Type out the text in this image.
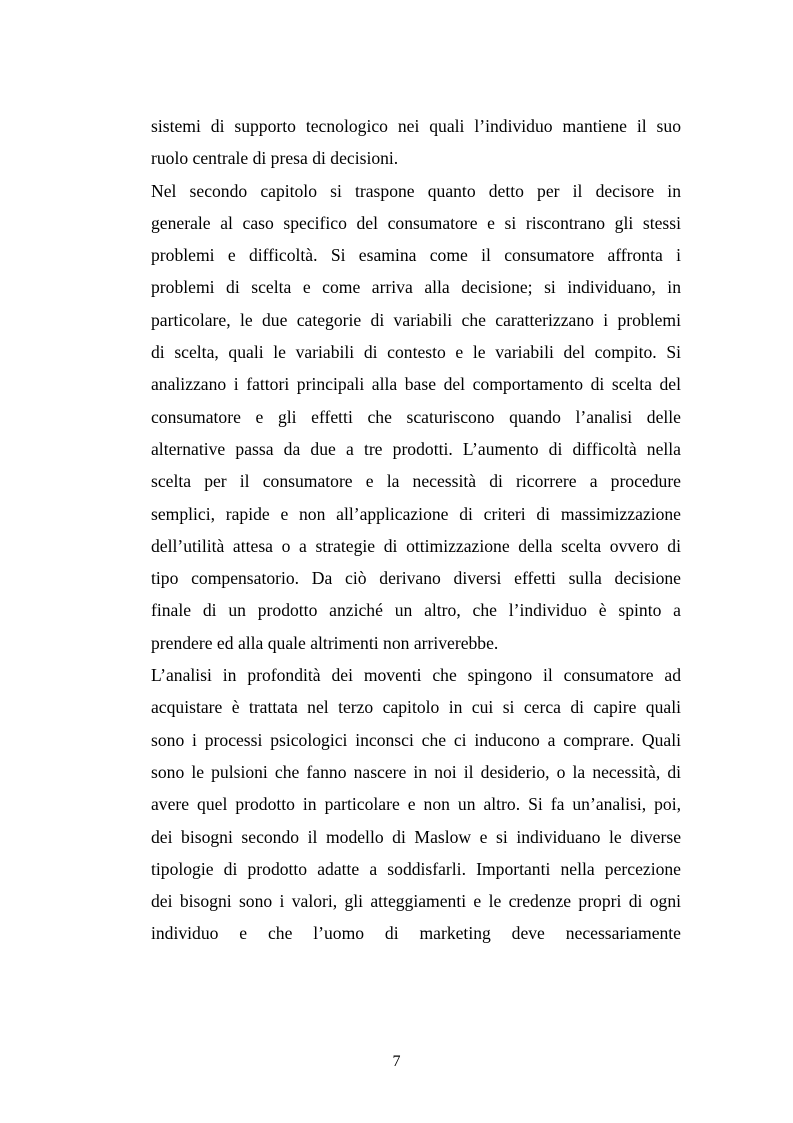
sistemi di supporto tecnologico nei quali l’individuo mantiene il suo
ruolo centrale di presa di decisioni.
Nel secondo capitolo si traspone quanto detto per il decisore in
generale al caso specifico del consumatore e si riscontrano gli stessi
problemi e difficoltà. Si esamina come il consumatore affronta i
problemi di scelta e come arriva alla decisione; si individuano, in
particolare, le due categorie di variabili che caratterizzano i problemi
di scelta, quali le variabili di contesto e le variabili del compito. Si
analizzano i fattori principali alla base del comportamento di scelta del
consumatore e gli effetti che scaturiscono quando l’analisi delle
alternative passa da due a tre prodotti. L’aumento di difficoltà nella
scelta per il consumatore e la necessità di ricorrere a procedure
semplici, rapide e non all’applicazione di criteri di massimizzazione
dell’utilità attesa o a strategie di ottimizzazione della scelta ovvero di
tipo compensatorio. Da ciò derivano diversi effetti sulla decisione
finale di un prodotto anziché un altro, che l’individuo è spinto a
prendere ed alla quale altrimenti non arriverebbe.
L’analisi in profondità dei moventi che spingono il consumatore ad
acquistare è trattata nel terzo capitolo in cui si cerca di capire quali
sono i processi psicologici inconsci che ci inducono a comprare. Quali
sono le pulsioni che fanno nascere in noi il desiderio, o la necessità, di
avere quel prodotto in particolare e non un altro. Si fa un’analisi, poi,
dei bisogni secondo il modello di Maslow e si individuano le diverse
tipologie di prodotto adatte a soddisfarli. Importanti nella percezione
dei bisogni sono i valori, gli atteggiamenti e le credenze propri di ogni
individuo e che l’uomo di marketing deve necessariamente
7
